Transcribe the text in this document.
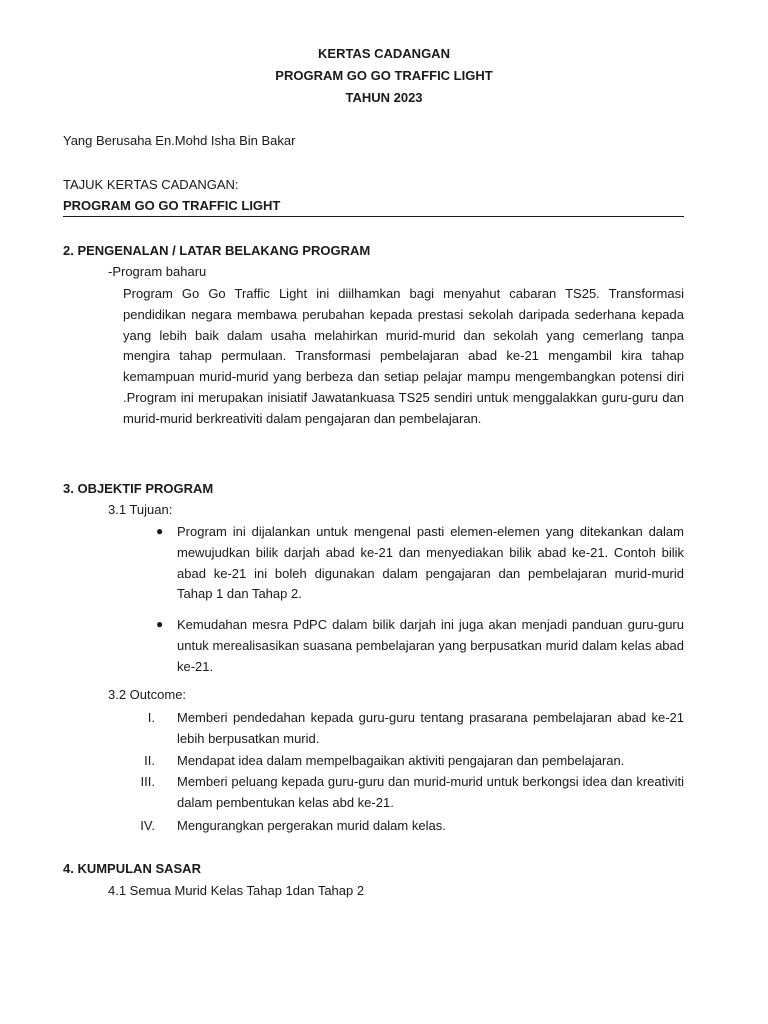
KERTAS CADANGAN
PROGRAM GO GO TRAFFIC LIGHT
TAHUN 2023
Yang Berusaha En.Mohd Isha Bin Bakar
TAJUK KERTAS CADANGAN:
PROGRAM GO GO TRAFFIC LIGHT
2. PENGENALAN / LATAR BELAKANG PROGRAM
-Program baharu
Program Go Go Traffic Light ini diilhamkan bagi menyahut cabaran TS25. Transformasi pendidikan negara membawa perubahan kepada prestasi sekolah daripada sederhana kepada yang lebih baik dalam usaha melahirkan murid-murid dan sekolah yang cemerlang tanpa mengira tahap permulaan. Transformasi pembelajaran abad ke-21 mengambil kira tahap kemampuan murid-murid yang berbeza dan setiap pelajar mampu mengembangkan potensi diri .Program ini merupakan inisiatif Jawatankuasa TS25 sendiri untuk menggalakkan guru-guru dan murid-murid berkreativiti dalam pengajaran dan pembelajaran.
3. OBJEKTIF PROGRAM
3.1 Tujuan:
● Program ini dijalankan untuk mengenal pasti elemen-elemen yang ditekankan dalam mewujudkan bilik darjah abad ke-21 dan menyediakan bilik abad ke-21. Contoh bilik abad ke-21 ini boleh digunakan dalam pengajaran dan pembelajaran murid-murid Tahap 1 dan Tahap 2.
● Kemudahan mesra PdPC dalam bilik darjah ini juga akan menjadi panduan guru-guru untuk merealisasikan suasana pembelajaran yang berpusatkan murid dalam kelas abad ke-21.
3.2 Outcome:
I. Memberi pendedahan kepada guru-guru tentang prasarana pembelajaran abad ke-21 lebih berpusatkan murid.
II. Mendapat idea dalam mempelbagaikan aktiviti pengajaran dan pembelajaran.
III. Memberi peluang kepada guru-guru dan murid-murid untuk berkongsi idea dan kreativiti dalam pembentukan kelas abd ke-21.
IV. Mengurangkan pergerakan murid dalam kelas.
4. KUMPULAN SASAR
4.1 Semua Murid Kelas Tahap 1dan Tahap 2
